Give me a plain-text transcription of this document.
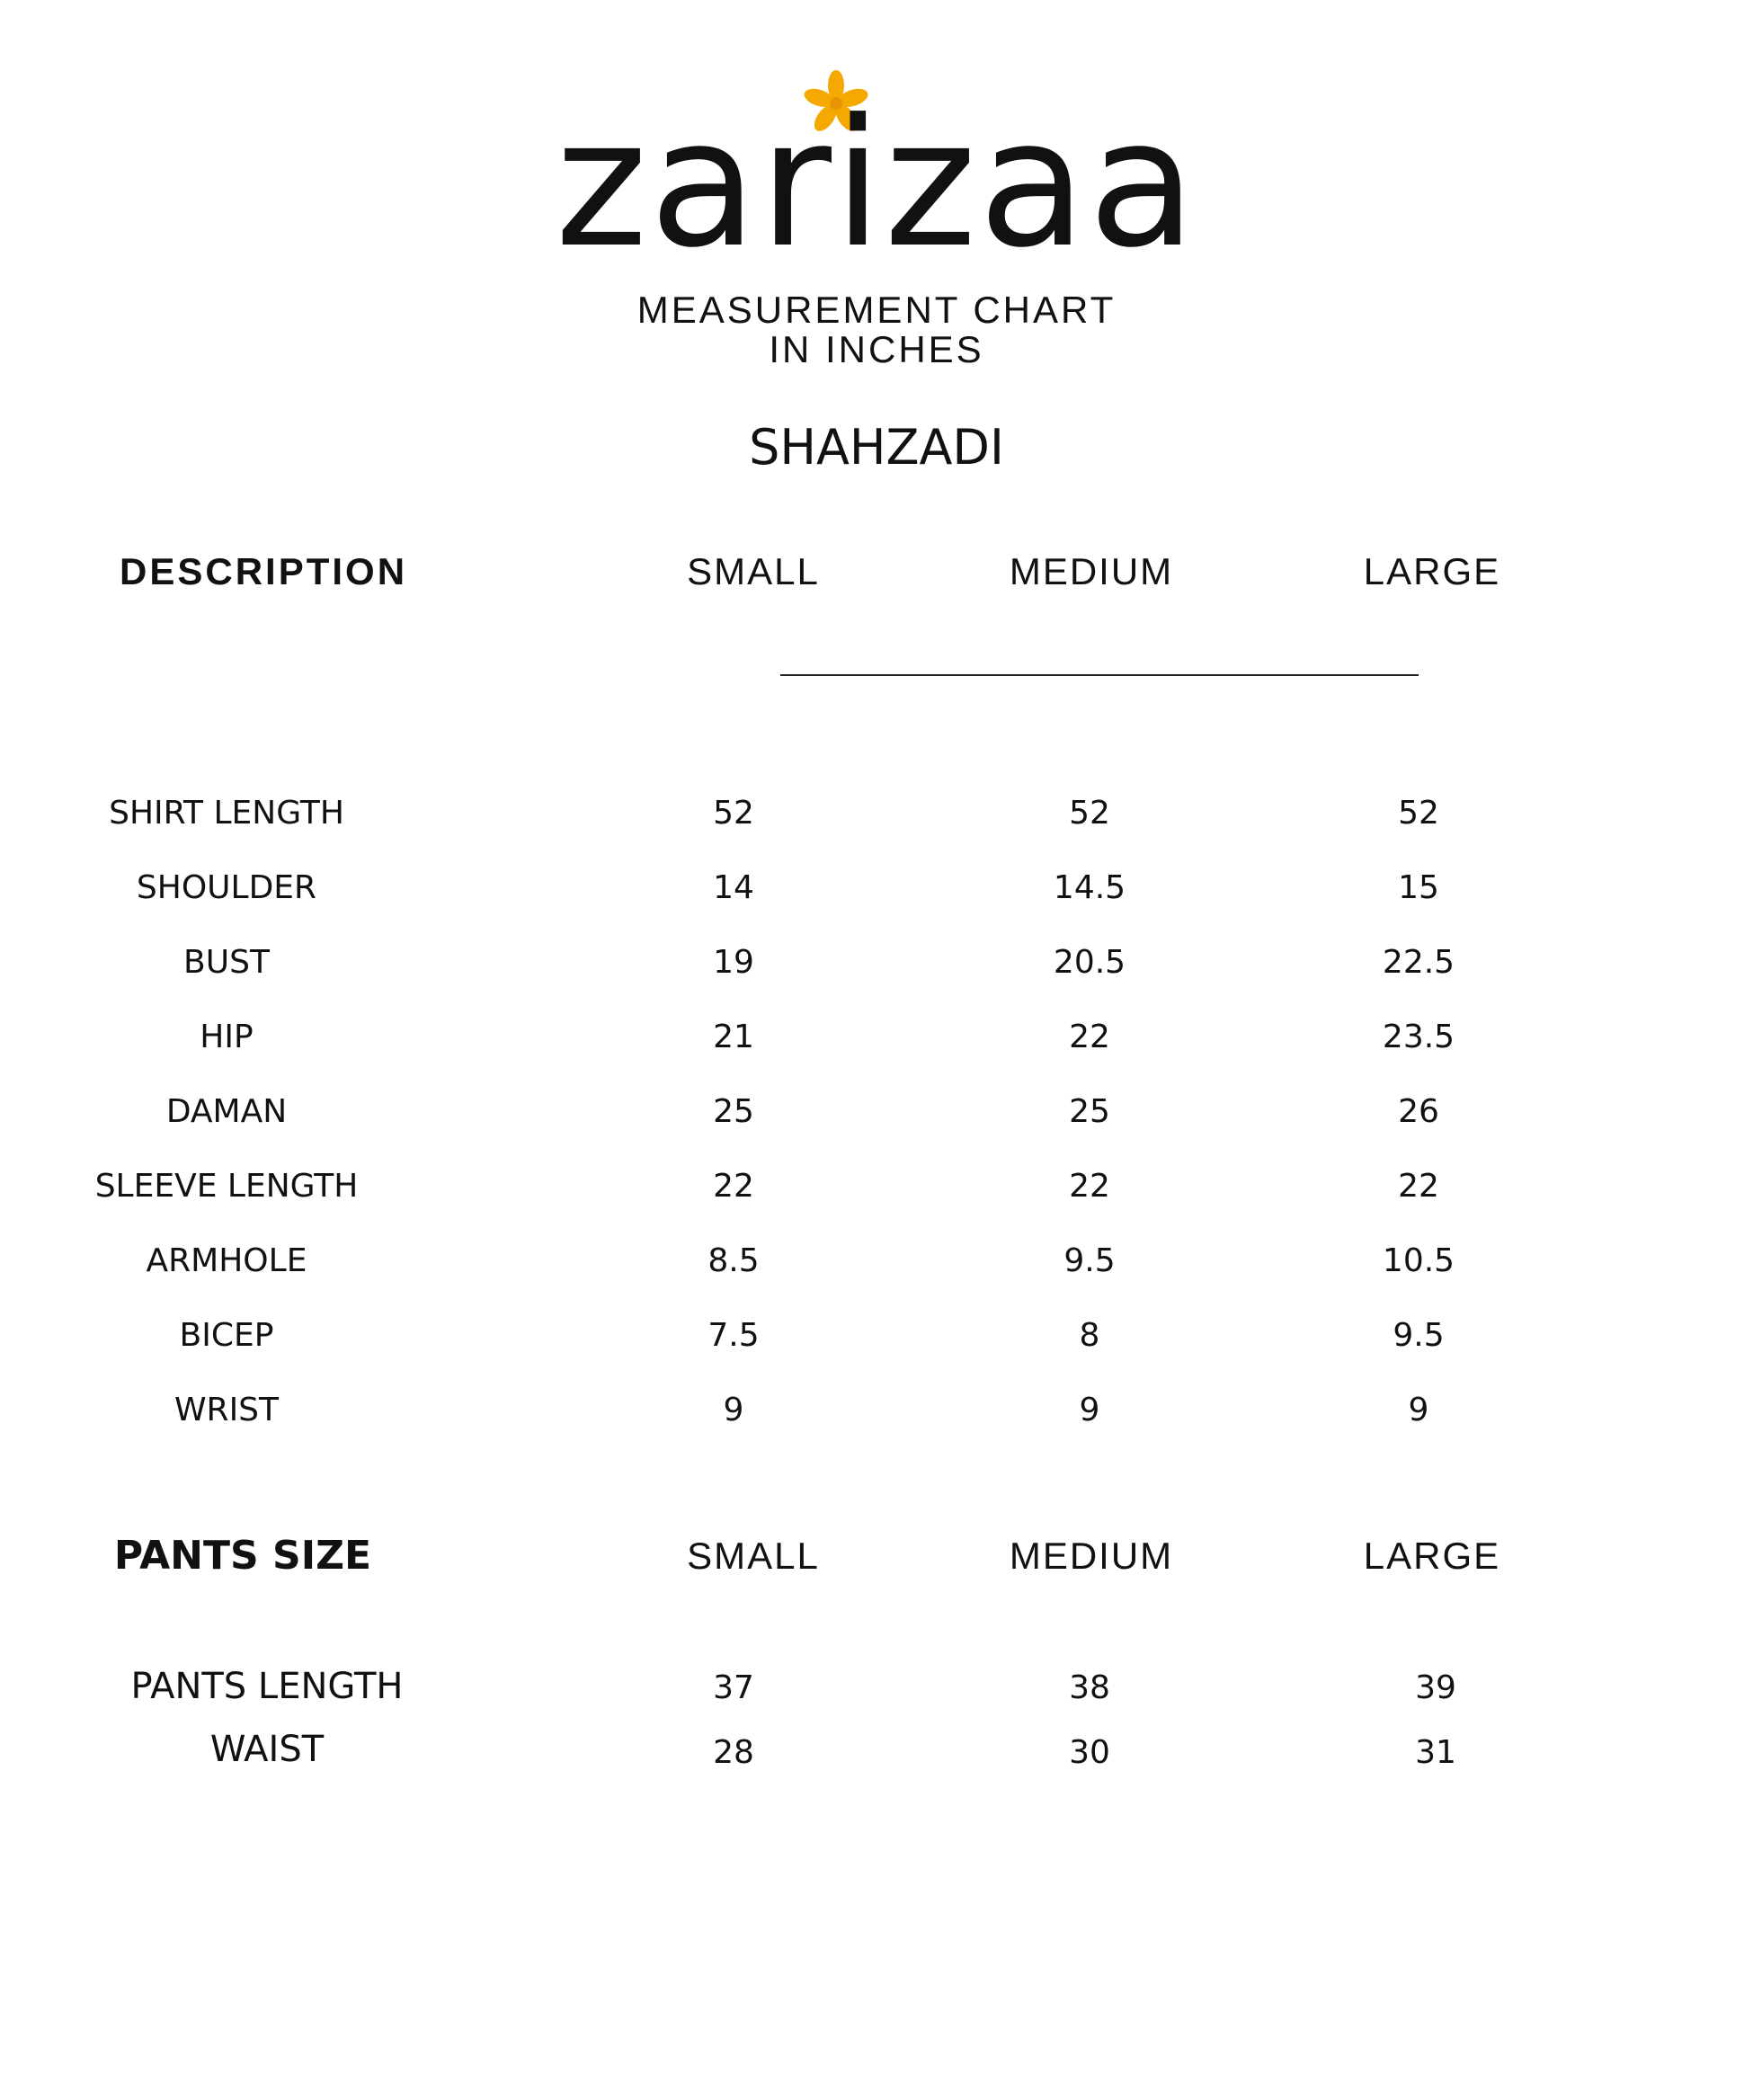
zarizaa
MEASUREMENT CHART
IN INCHES
SHAHZADI
DESCRIPTION	SMALL	MEDIUM	LARGE
SHIRT LENGTH	52	52	52
SHOULDER	14	14.5	15
BUST	19	20.5	22.5
HIP	21	22	23.5
DAMAN	25	25	26
SLEEVE LENGTH	22	22	22
ARMHOLE	8.5	9.5	10.5
BICEP	7.5	8	9.5
WRIST	9	9	9
PANTS SIZE	SMALL	MEDIUM	LARGE
PANTS LENGTH	37	38	39
WAIST	28	30	31
